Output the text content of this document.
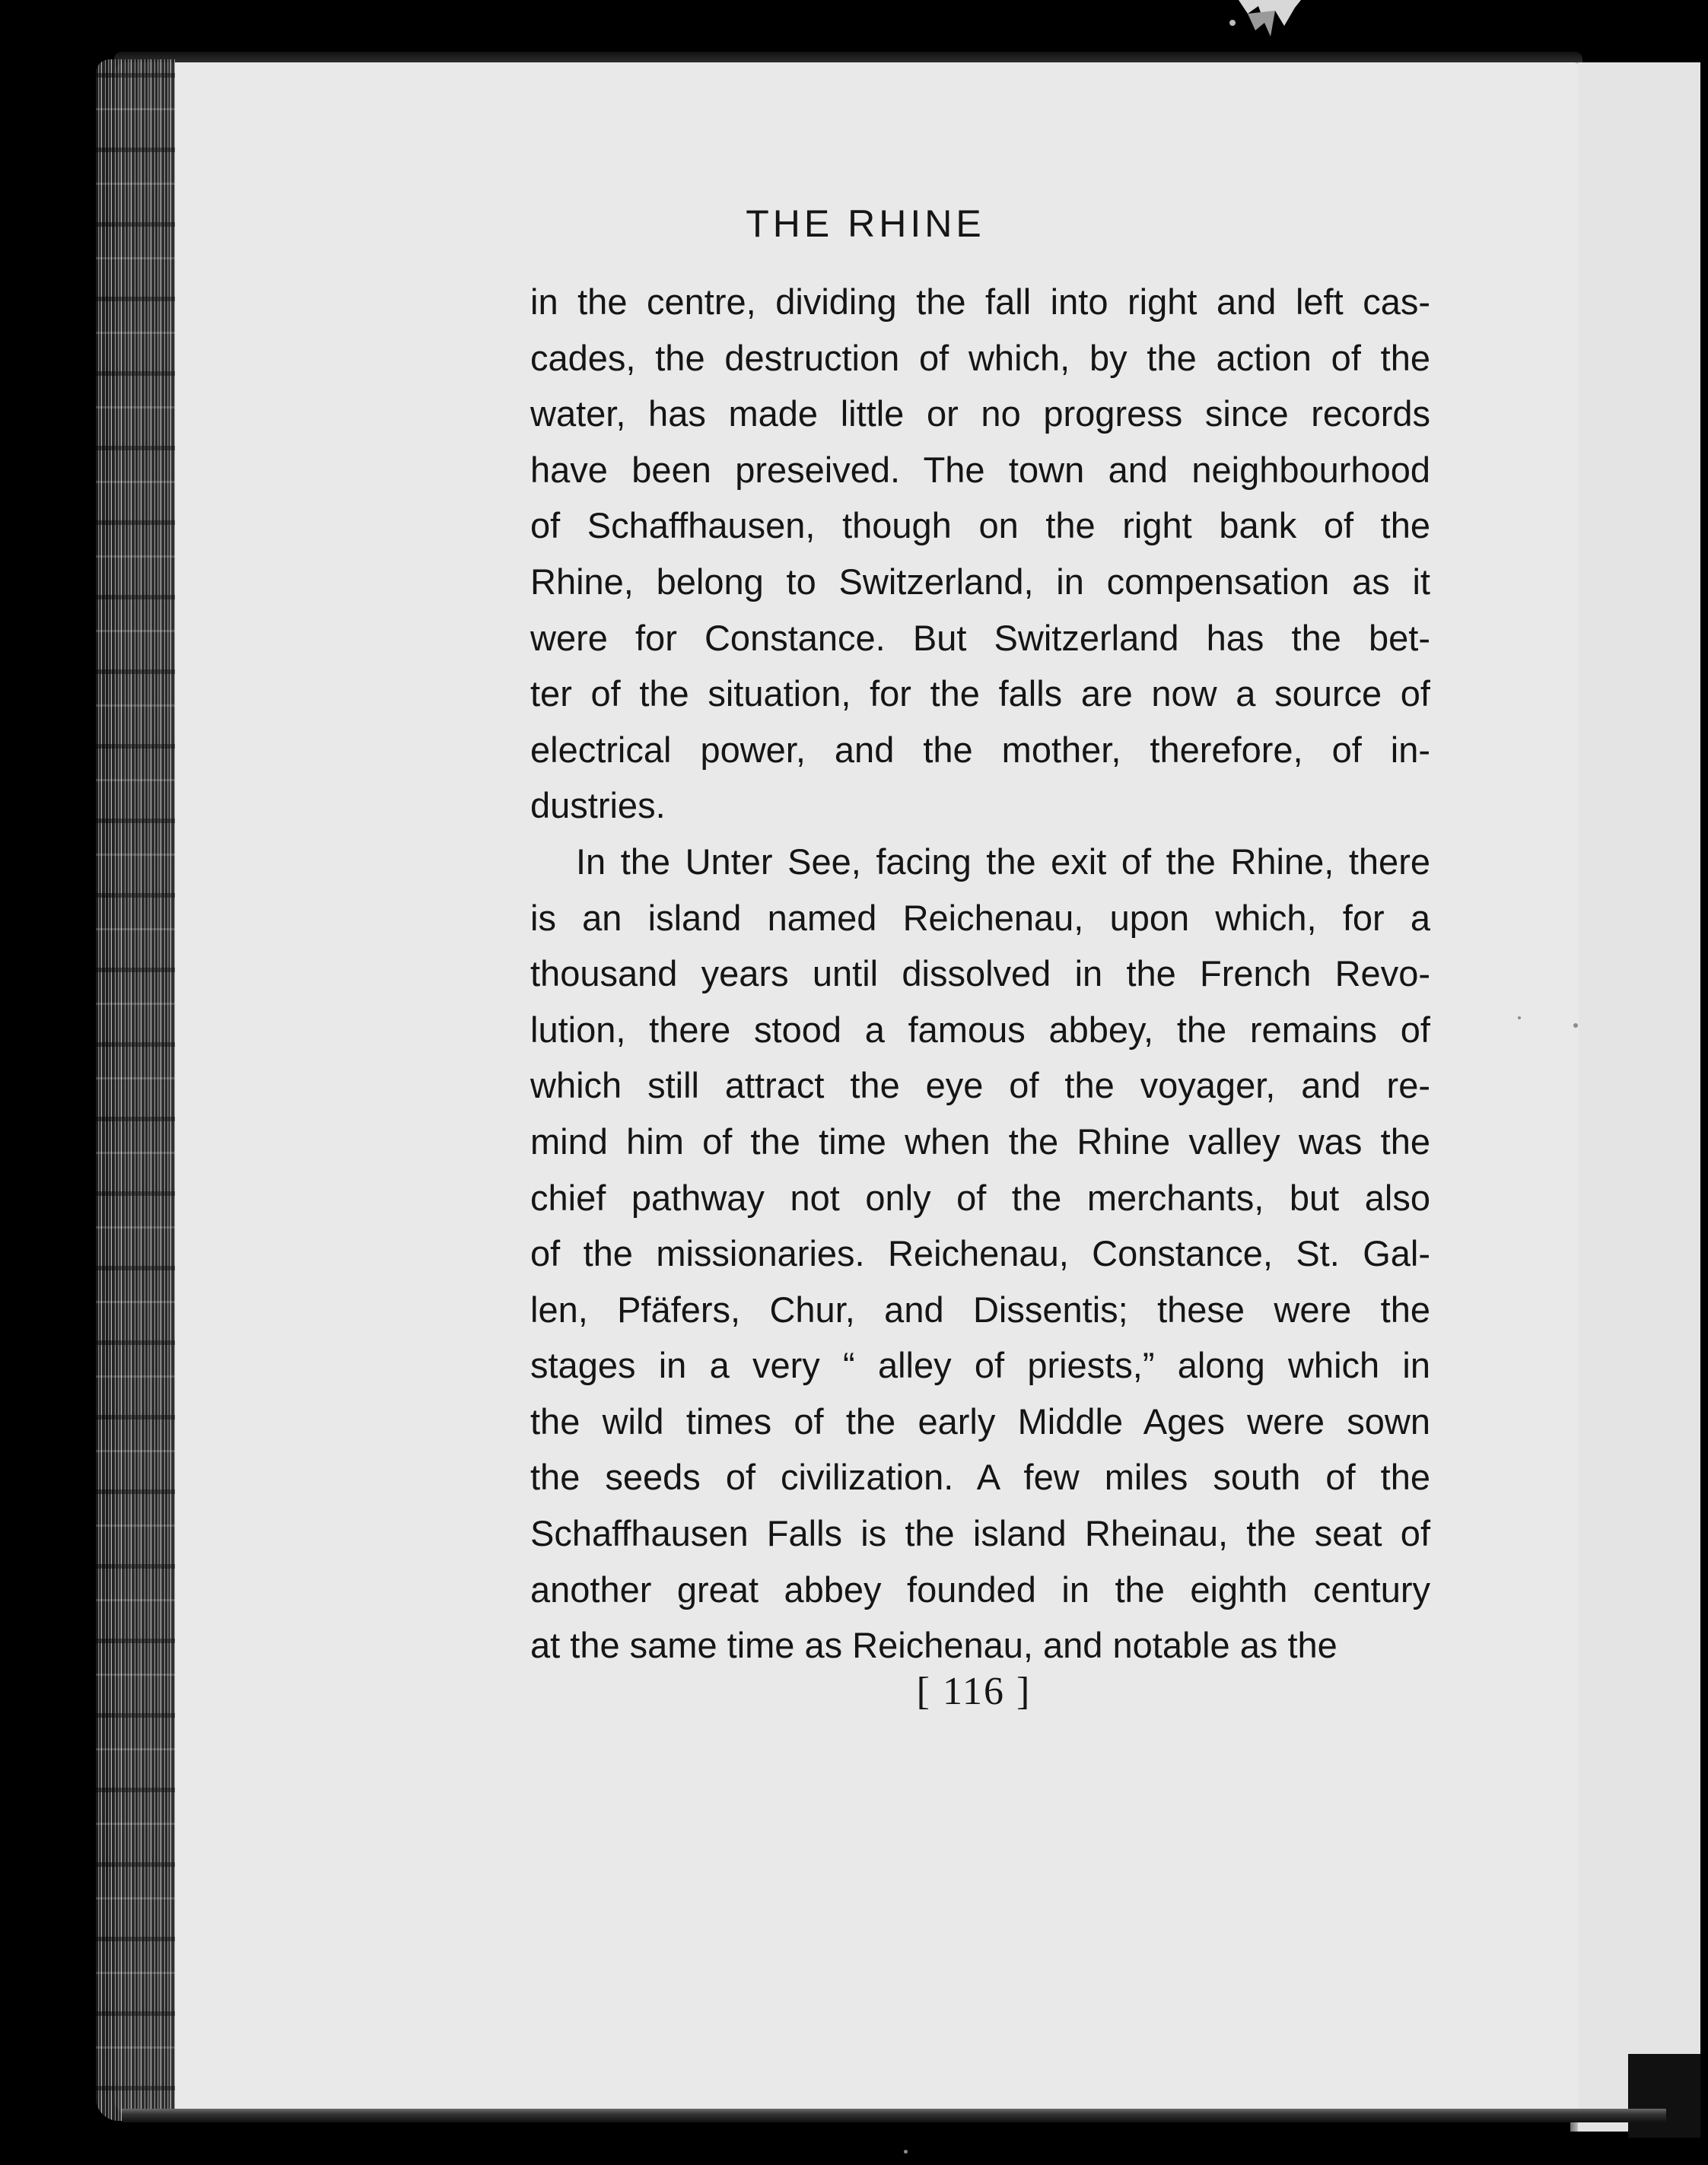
THE RHINE
in the centre, dividing the fall into right and left cas-
cades, the destruction of which, by the action of the
water, has made little or no progress since records
have been preseived. The town and neighbourhood
of Schaffhausen, though on the right bank of the
Rhine, belong to Switzerland, in compensation as it
were for Constance. But Switzerland has the bet-
ter of the situation, for the falls are now a source of
electrical power, and the mother, therefore, of in-
dustries.
In the Unter See, facing the exit of the Rhine, there
is an island named Reichenau, upon which, for a
thousand years until dissolved in the French Revo-
lution, there stood a famous abbey, the remains of
which still attract the eye of the voyager, and re-
mind him of the time when the Rhine valley was the
chief pathway not only of the merchants, but also
of the missionaries. Reichenau, Constance, St. Gal-
len, Pfäfers, Chur, and Dissentis; these were the
stages in a very “ alley of priests,” along which in
the wild times of the early Middle Ages were sown
the seeds of civilization. A few miles south of the
Schaffhausen Falls is the island Rheinau, the seat of
another great abbey founded in the eighth century
at the same time as Reichenau, and notable as the
[ 116 ]
